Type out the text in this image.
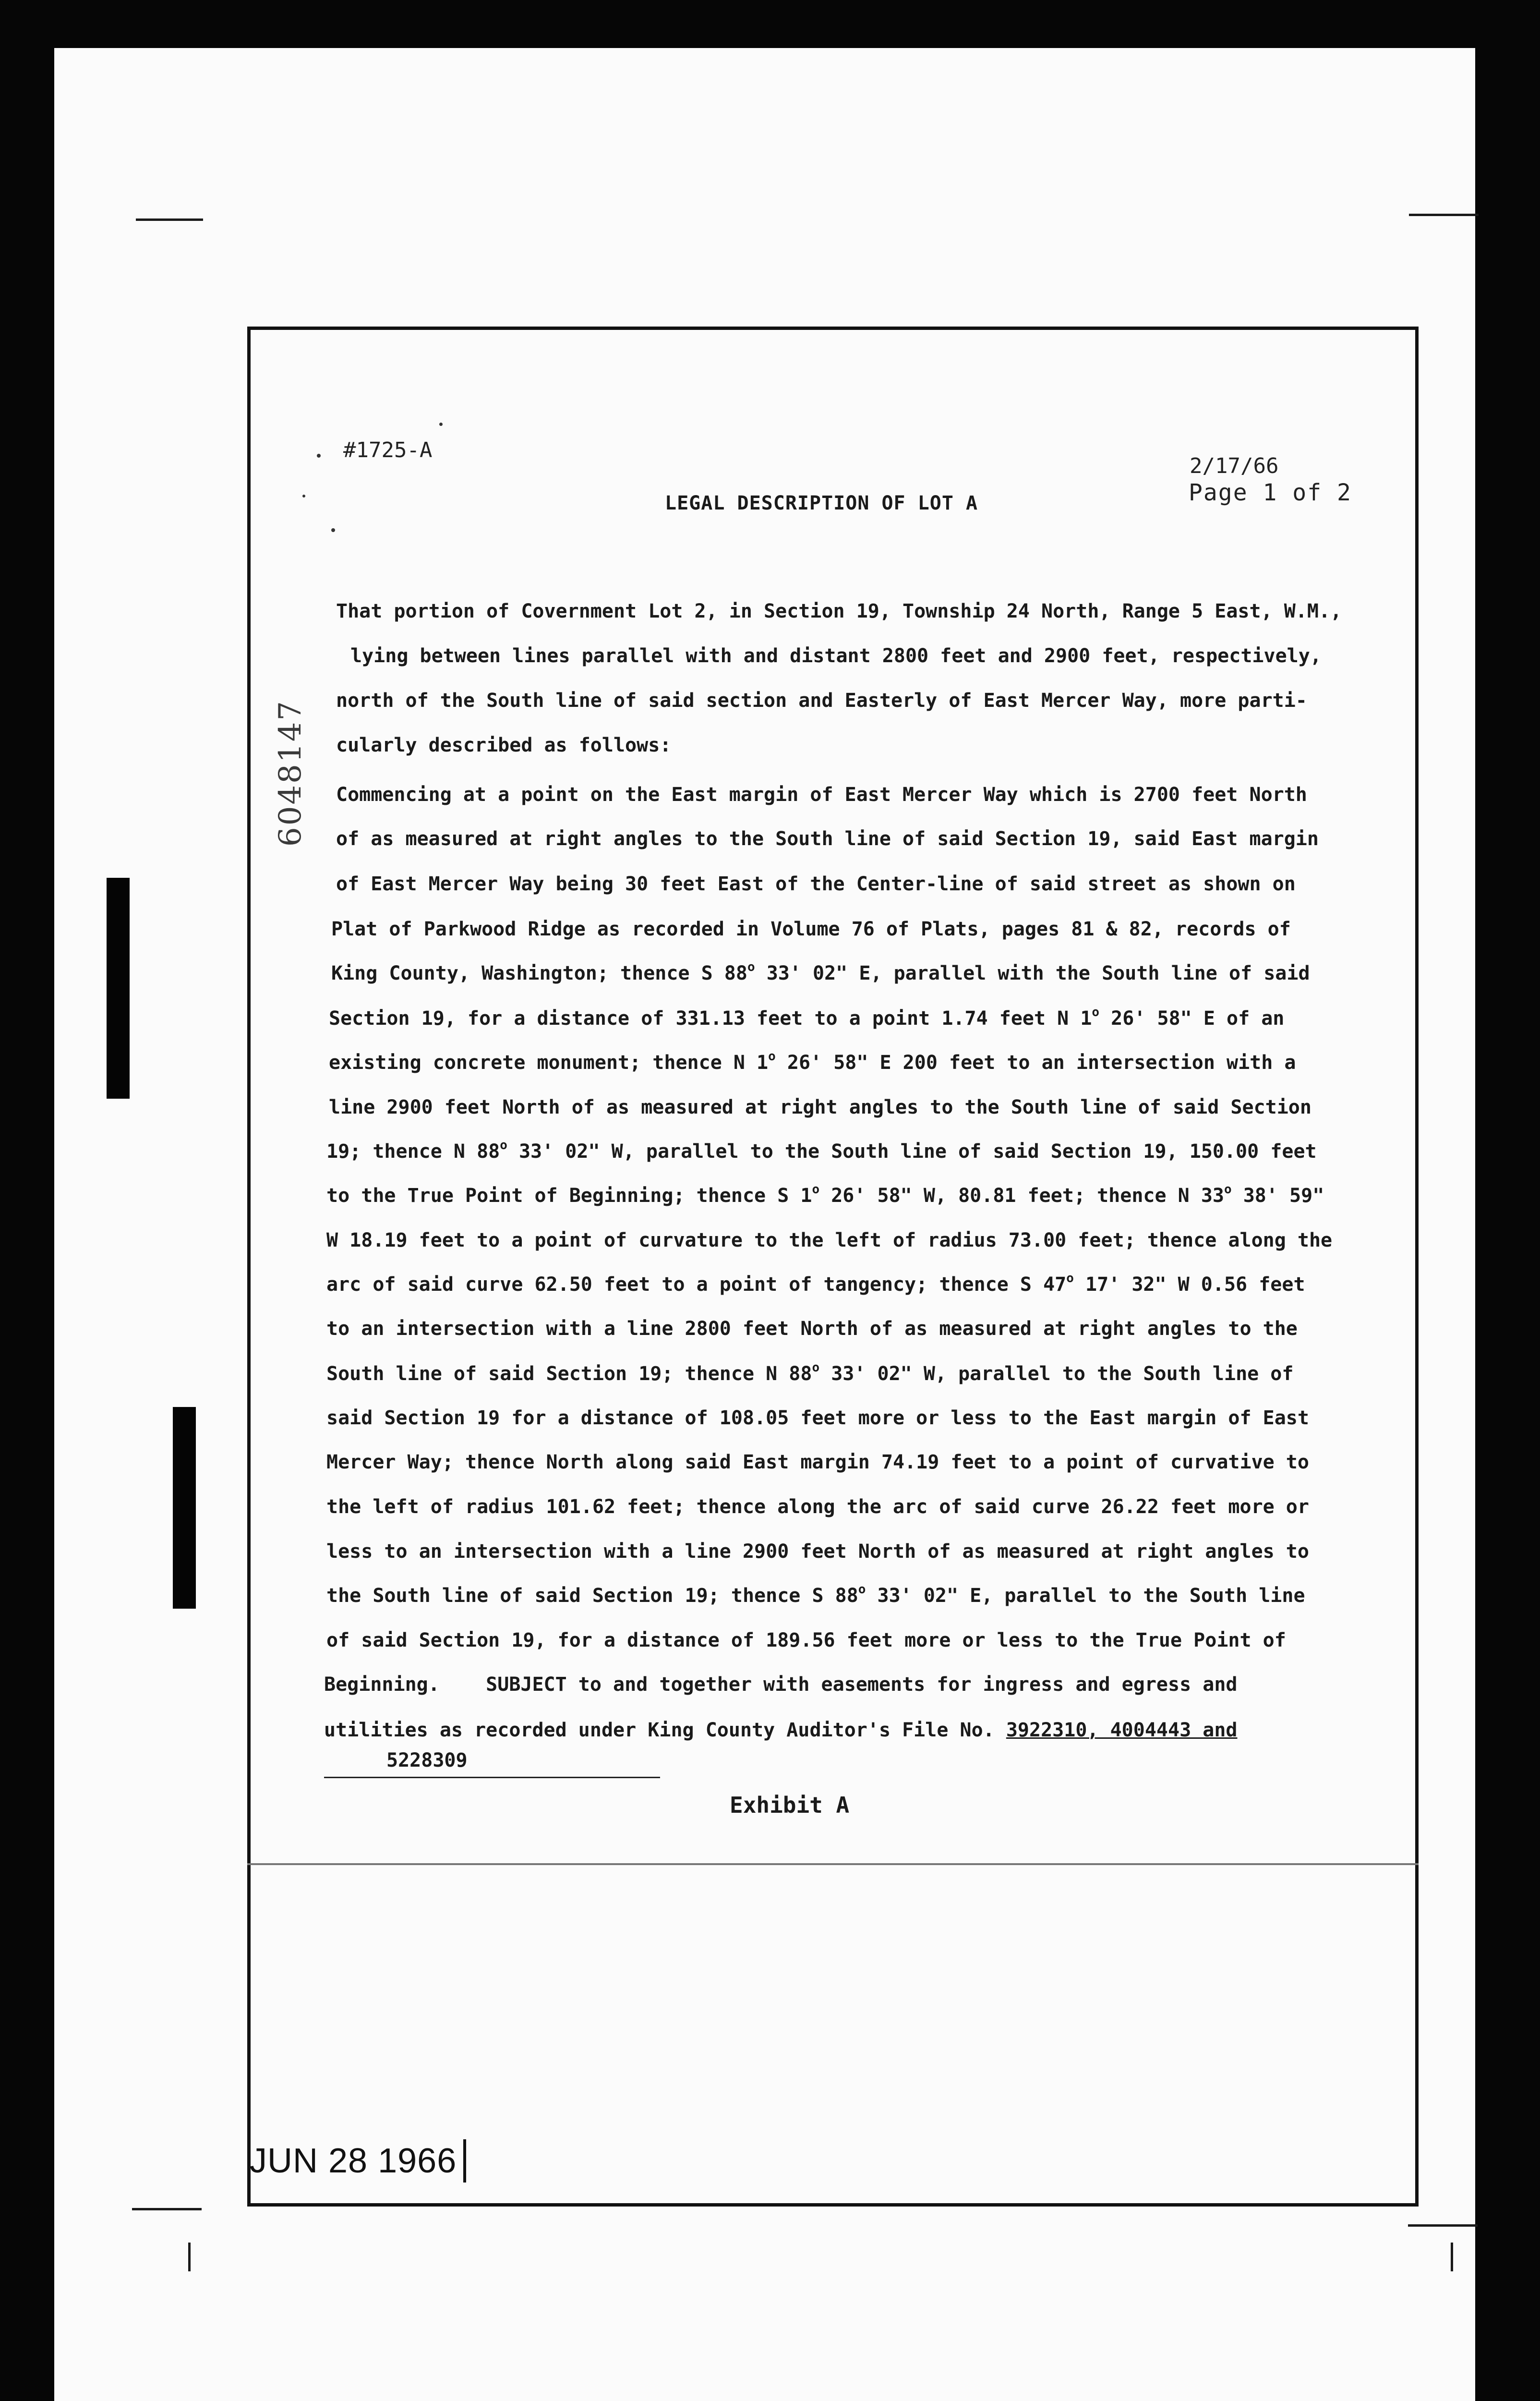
#1725-A
2/17/66
Page 1 of 2
LEGAL DESCRIPTION OF LOT A
6048147
That portion of Covernment Lot 2, in Section 19, Township 24 North, Range 5 East, W.M.,
lying between lines parallel with and distant 2800 feet and 2900 feet, respectively,
north of the South line of said section and Easterly of East Mercer Way, more parti-
cularly described as follows:
Commencing at a point on the East margin of East Mercer Way which is 2700 feet North
of as measured at right angles to the South line of said Section 19, said East margin
of East Mercer Way being 30 feet East of the Center-line of said street as shown on
Plat of Parkwood Ridge as recorded in Volume 76 of Plats, pages 81 & 82, records of
King County, Washington; thence S 88$^o$ 33' 02" E, parallel with the South line of said
Section 19, for a distance of 331.13 feet to a point 1.74 feet N 1$^o$ 26' 58" E of an
existing concrete monument; thence N 1$^o$ 26' 58" E 200 feet to an intersection with a
line 2900 feet North of as measured at right angles to the South line of said Section
19; thence N 88$^o$ 33' 02" W, parallel to the South line of said Section 19, 150.00 feet
to the True Point of Beginning; thence S 1$^o$ 26' 58" W, 80.81 feet; thence N 33$^o$ 38' 59"
W 18.19 feet to a point of curvature to the left of radius 73.00 feet; thence along the
arc of said curve 62.50 feet to a point of tangency; thence S 47$^o$ 17' 32" W 0.56 feet
to an intersection with a line 2800 feet North of as measured at right angles to the
South line of said Section 19; thence N 88$^o$ 33' 02" W, parallel to the South line of
said Section 19 for a distance of 108.05 feet more or less to the East margin of East
Mercer Way; thence North along said East margin 74.19 feet to a point of curvative to
the left of radius 101.62 feet; thence along the arc of said curve 26.22 feet more or
less to an intersection with a line 2900 feet North of as measured at right angles to
the South line of said Section 19; thence S 88$^o$ 33' 02" E, parallel to the South line
of said Section 19, for a distance of 189.56 feet more or less to the True Point of
Beginning.    SUBJECT to and together with easements for ingress and egress and
utilities as recorded under King County Auditor's File No. 3922310, 4004443 and
5228309
Exhibit A
JUN 28 1966
